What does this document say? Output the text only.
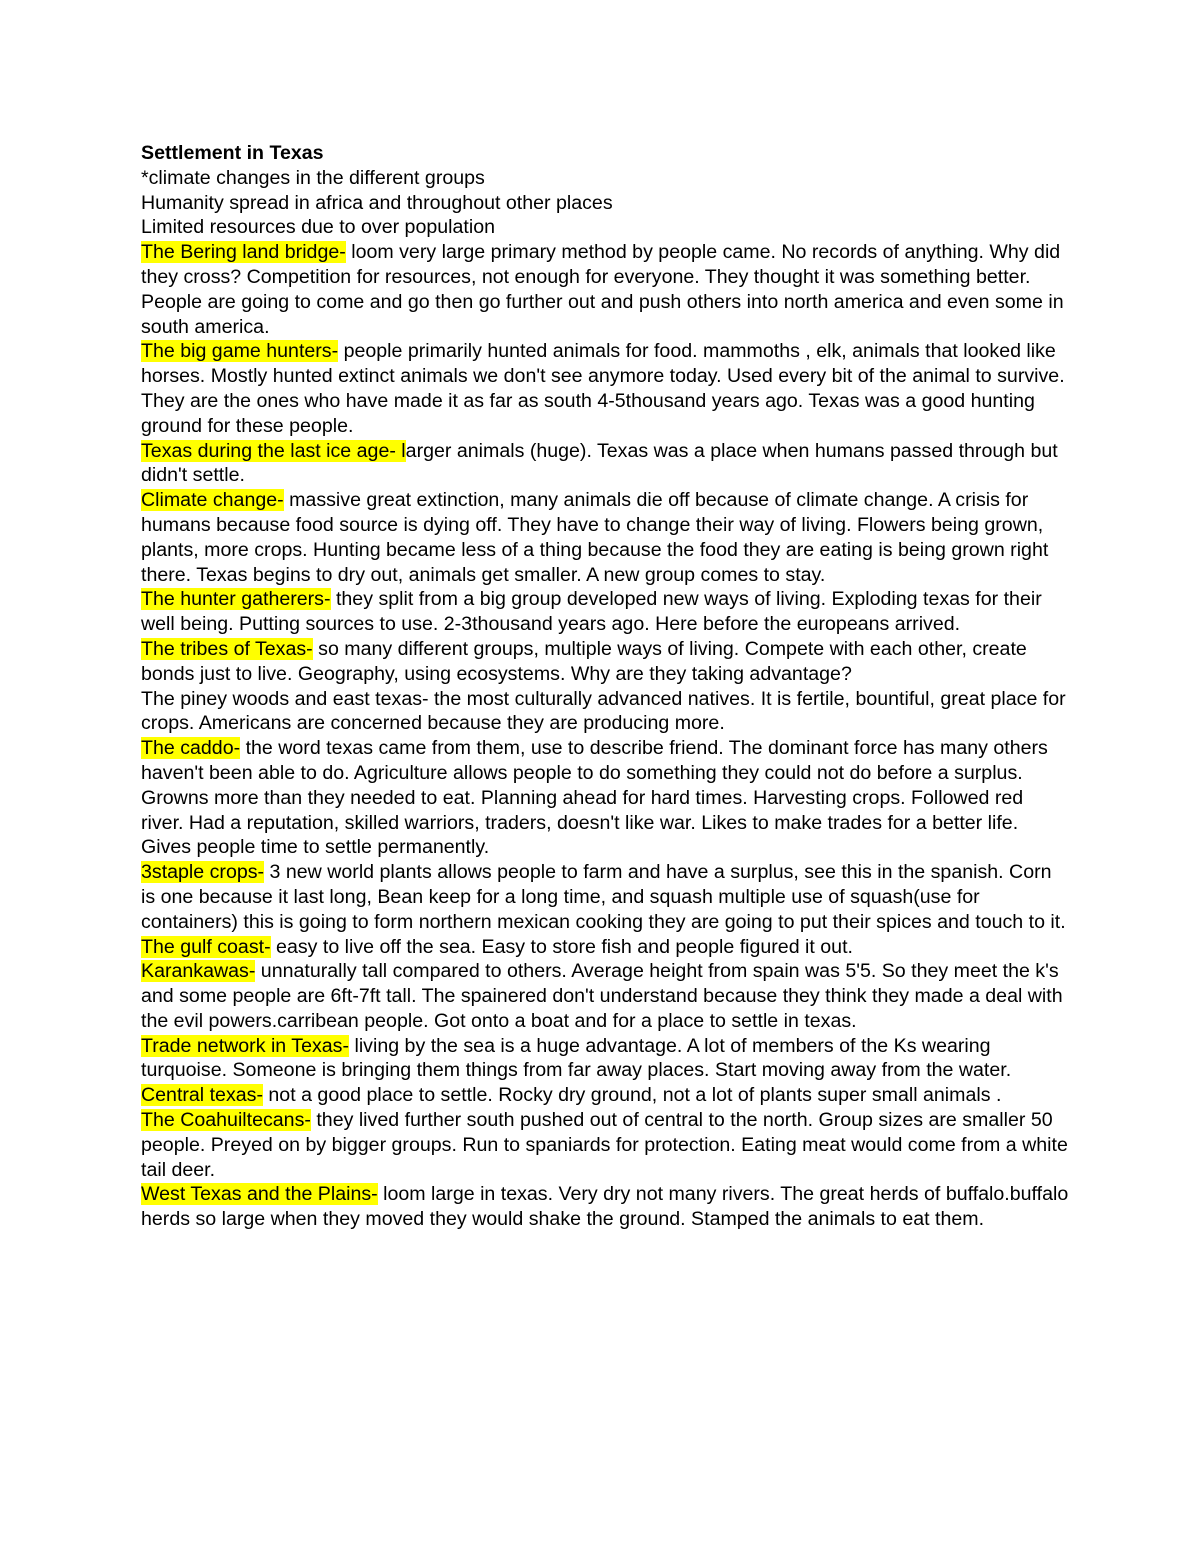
Settlement in Texas

*climate changes in the different groups

Humanity spread in africa and throughout other places

Limited resources due to over population

The Bering land bridge- loom very large primary method by people came. No records of anything. Why did they cross? Competition for resources, not enough for everyone. They thought it was something better. People are going to come and go then go further out and push others into north america and even some in south america.

The big game hunters- people primarily hunted animals for food. mammoths , elk, animals that looked like horses. Mostly hunted extinct animals we don't see anymore today. Used every bit of the animal to survive. They are the ones who have made it as far as south 4-5thousand years ago. Texas was a good hunting ground for these people.

Texas during the last ice age- larger animals (huge). Texas was a place when humans passed through but didn't settle.

Climate change- massive great extinction, many animals die off because of climate change. A crisis for humans because food source is dying off. They have to change their way of living. Flowers being grown, plants, more crops. Hunting became less of a thing because the food they are eating is being grown right there. Texas begins to dry out, animals get smaller. A new group comes to stay.

The hunter gatherers- they split from a big group developed new ways of living. Exploding texas for their well being. Putting sources to use. 2-3thousand years ago. Here before the europeans arrived.

The tribes of Texas- so many different groups, multiple ways of living. Compete with each other, create bonds just to live. Geography, using ecosystems. Why are they taking advantage?

The piney woods and east texas- the most culturally advanced natives. It is fertile, bountiful, great place for crops. Americans are concerned because they are producing more.

The caddo- the word texas came from them, use to describe friend. The dominant force has many others haven't been able to do. Agriculture allows people to do something they could not do before a surplus. Growns more than they needed to eat. Planning ahead for hard times. Harvesting crops. Followed red river. Had a reputation, skilled warriors, traders, doesn't like war. Likes to make trades for a better life. Gives people time to settle permanently.

3staple crops- 3 new world plants allows people to farm and have a surplus, see this in the spanish. Corn is one because it last long, Bean keep for a long time, and squash multiple use of squash(use for containers) this is going to form northern mexican cooking they are going to put their spices and touch to it.

The gulf coast- easy to live off the sea. Easy to store fish and people figured it out.

Karankawas- unnaturally tall compared to others. Average height from spain was 5'5. So they meet the k's and some people are 6ft-7ft tall. The spainered don't understand because they think they made a deal with the evil powers.carribean people. Got onto a boat and for a place to settle in texas.

Trade network in Texas- living by the sea is a huge advantage. A lot of members of the Ks wearing turquoise. Someone is bringing them things from far away places. Start moving away from the water.

Central texas- not a good place to settle. Rocky dry ground, not a lot of plants super small animals .

The Coahuiltecans- they lived further south pushed out of central to the north. Group sizes are smaller 50 people. Preyed on by bigger groups. Run to spaniards for protection. Eating meat would come from a white tail deer.

West Texas and the Plains- loom large in texas. Very dry not many rivers. The great herds of buffalo.buffalo herds so large when they moved they would shake the ground. Stamped the animals to eat them.
